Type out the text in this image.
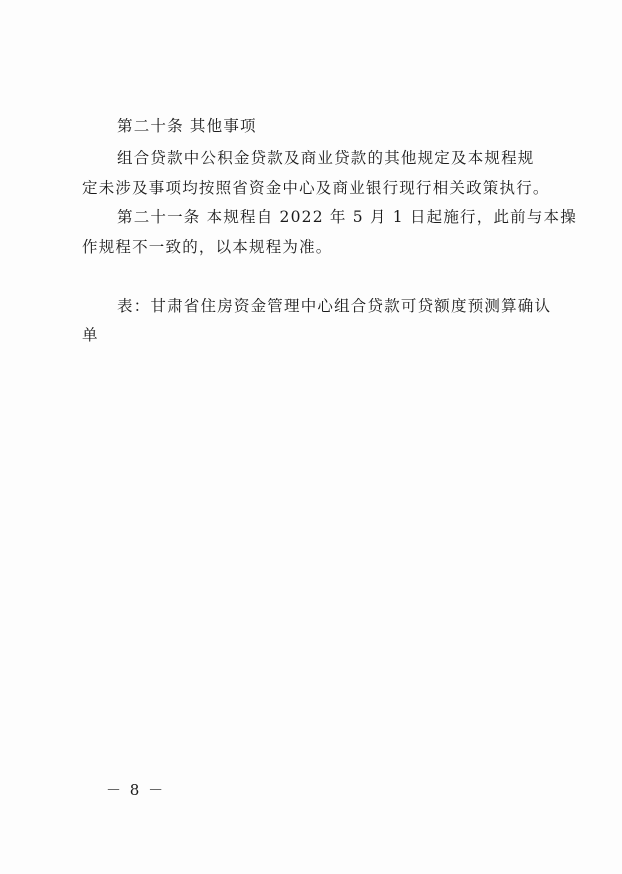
第二十条 其他事项
组合贷款中公积金贷款及商业贷款的其他规定及本规程规
定未涉及事项均按照省资金中心及商业银行现行相关政策执行。
第二十一条 本规程自 2022 年 5 月 1 日起施行，此前与本操
作规程不一致的，以本规程为准。
表：甘肃省住房资金管理中心组合贷款可贷额度预测算确认
单
－ 8 －
